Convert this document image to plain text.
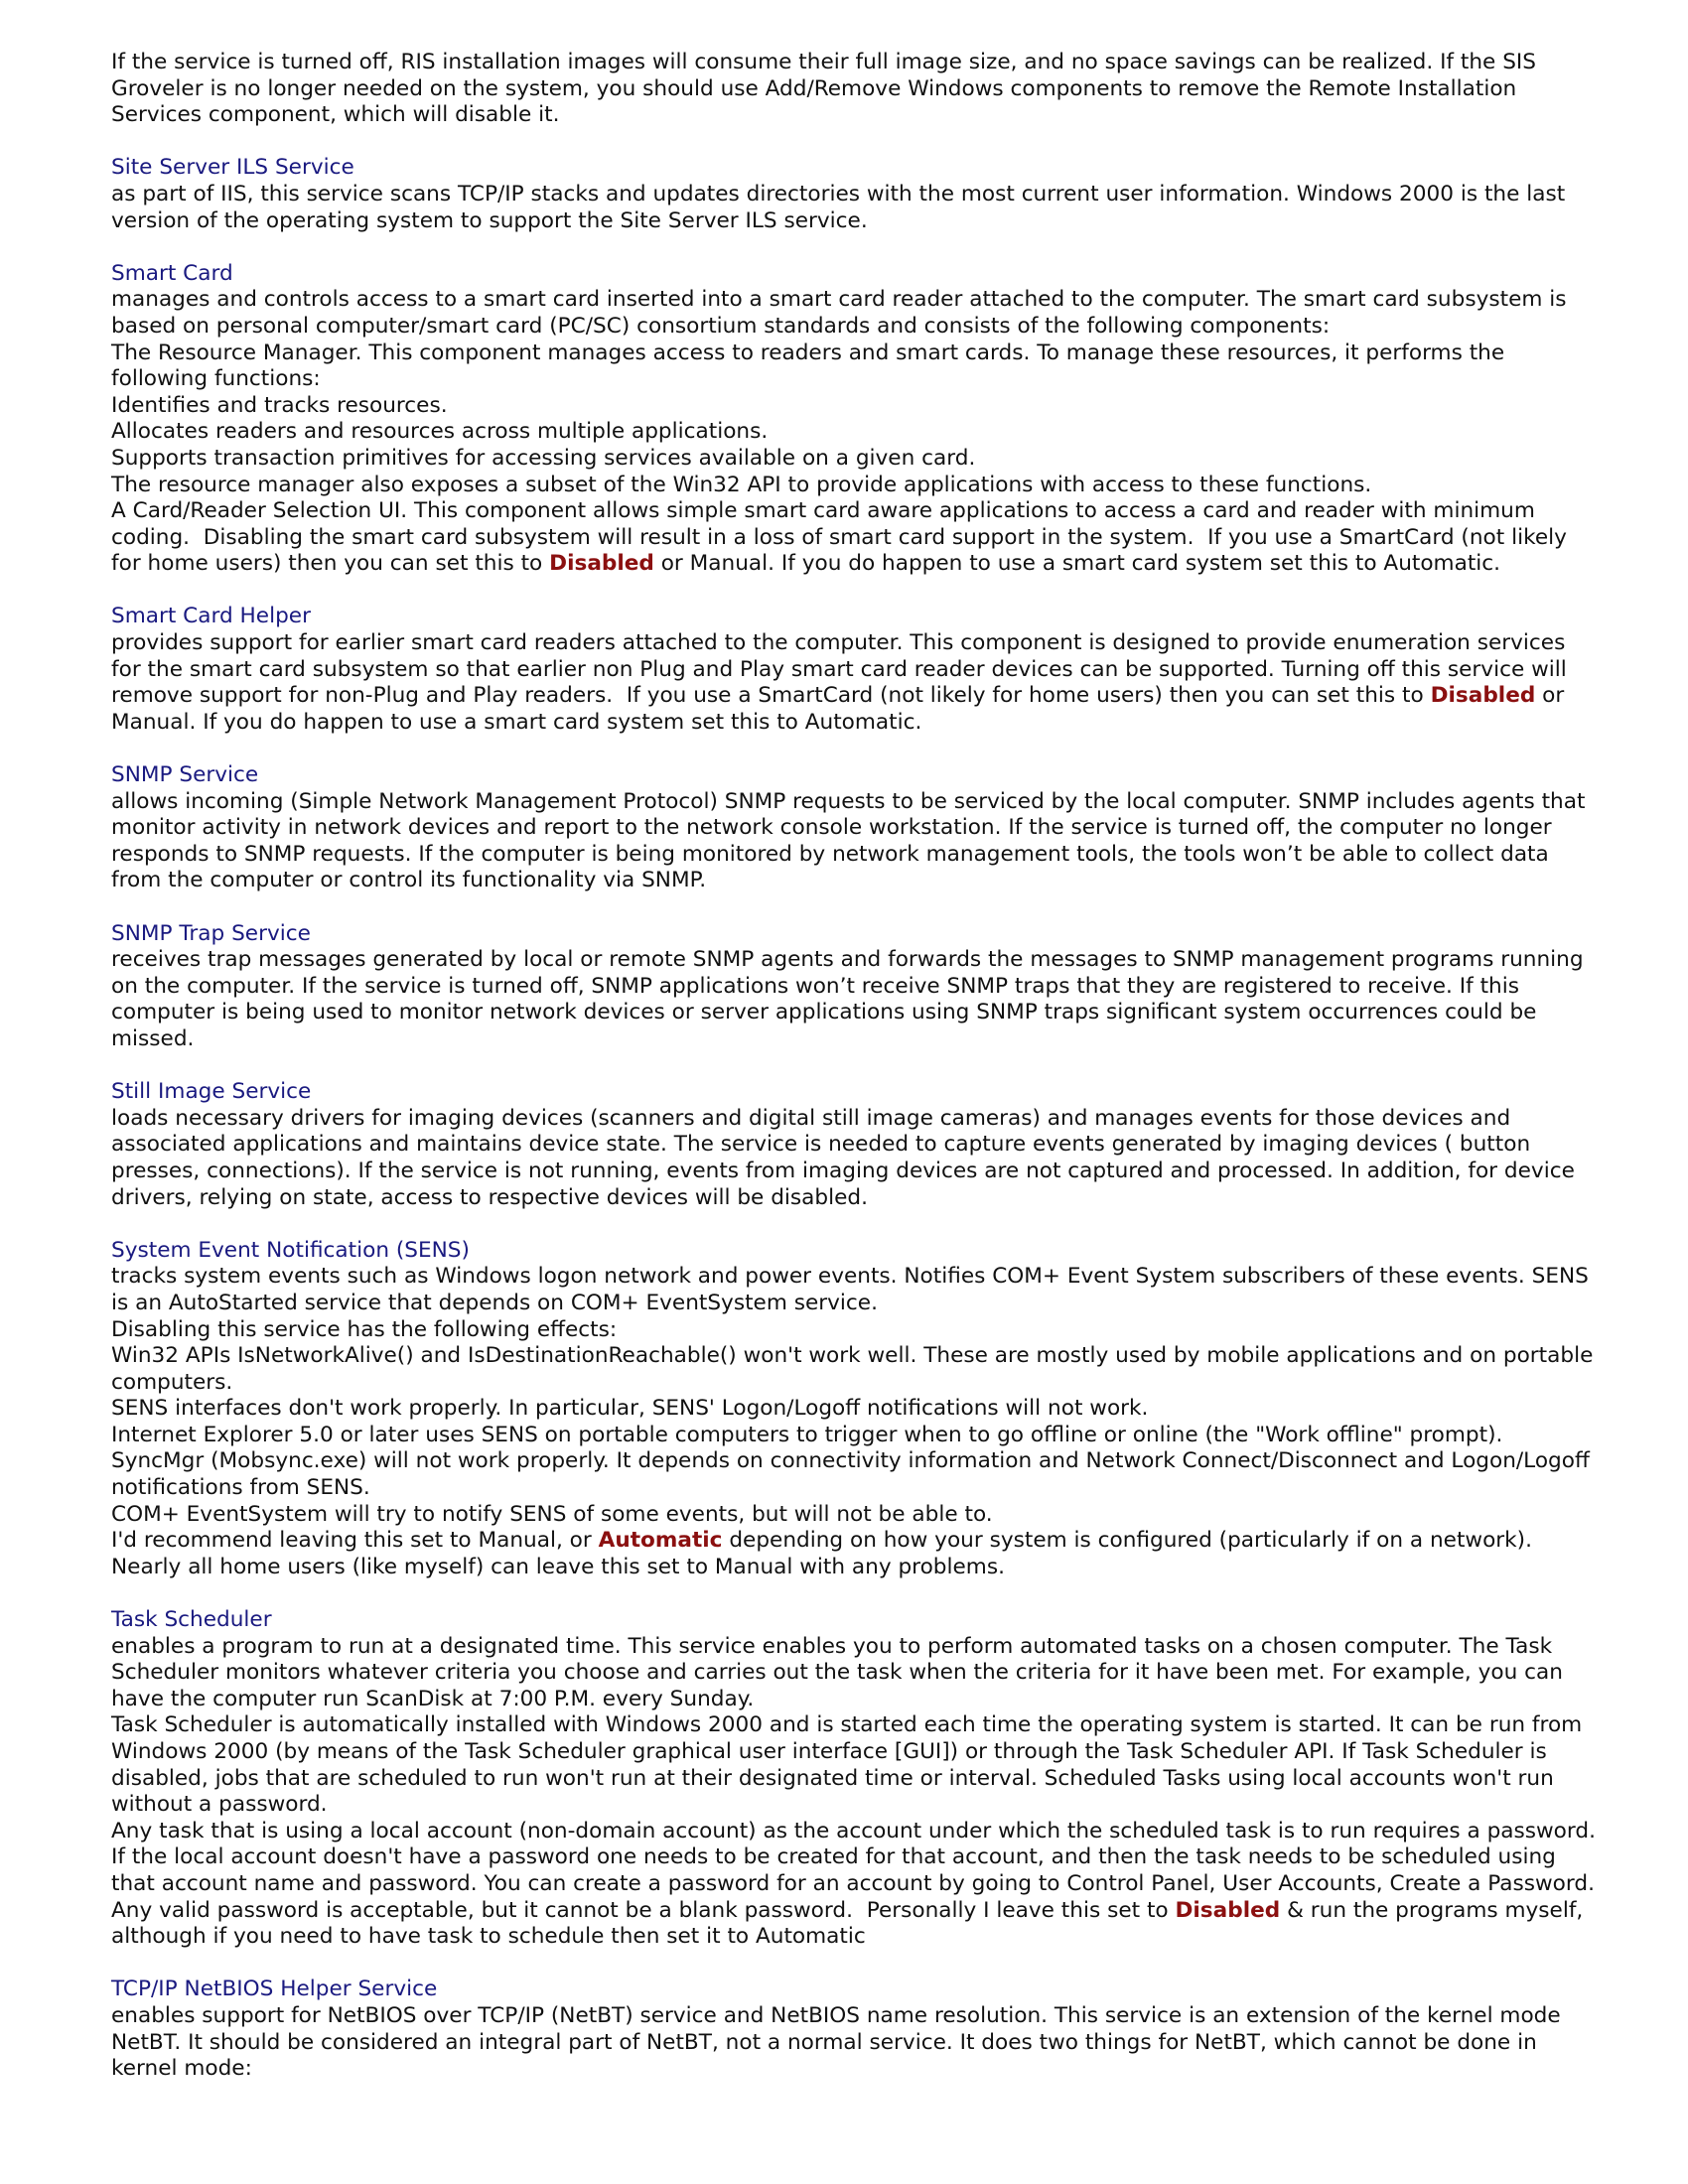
If the service is turned off, RIS installation images will consume their full image size, and no space savings can be realized. If the SIS Groveler is no longer needed on the system, you should use Add/Remove Windows components to remove the Remote Installation Services component, which will disable it.
Site Server ILS Service
as part of IIS, this service scans TCP/IP stacks and updates directories with the most current user information. Windows 2000 is the last version of the operating system to support the Site Server ILS service.
Smart Card
manages and controls access to a smart card inserted into a smart card reader attached to the computer. The smart card subsystem is based on personal computer/smart card (PC/SC) consortium standards and consists of the following components:
The Resource Manager. This component manages access to readers and smart cards. To manage these resources, it performs the following functions:
Identifies and tracks resources.
Allocates readers and resources across multiple applications.
Supports transaction primitives for accessing services available on a given card.
The resource manager also exposes a subset of the Win32 API to provide applications with access to these functions.
A Card/Reader Selection UI. This component allows simple smart card aware applications to access a card and reader with minimum coding.  Disabling the smart card subsystem will result in a loss of smart card support in the system.  If you use a SmartCard (not likely for home users) then you can set this to Disabled or Manual. If you do happen to use a smart card system set this to Automatic.
Smart Card Helper
provides support for earlier smart card readers attached to the computer. This component is designed to provide enumeration services for the smart card subsystem so that earlier non Plug and Play smart card reader devices can be supported. Turning off this service will remove support for non-Plug and Play readers.  If you use a SmartCard (not likely for home users) then you can set this to Disabled or Manual. If you do happen to use a smart card system set this to Automatic.
SNMP Service
allows incoming (Simple Network Management Protocol) SNMP requests to be serviced by the local computer. SNMP includes agents that monitor activity in network devices and report to the network console workstation. If the service is turned off, the computer no longer responds to SNMP requests. If the computer is being monitored by network management tools, the tools won’t be able to collect data from the computer or control its functionality via SNMP.
SNMP Trap Service
receives trap messages generated by local or remote SNMP agents and forwards the messages to SNMP management programs running on the computer. If the service is turned off, SNMP applications won’t receive SNMP traps that they are registered to receive. If this computer is being used to monitor network devices or server applications using SNMP traps significant system occurrences could be missed.
Still Image Service
loads necessary drivers for imaging devices (scanners and digital still image cameras) and manages events for those devices and associated applications and maintains device state. The service is needed to capture events generated by imaging devices ( button presses, connections). If the service is not running, events from imaging devices are not captured and processed. In addition, for device drivers, relying on state, access to respective devices will be disabled.
System Event Notification (SENS)
tracks system events such as Windows logon network and power events. Notifies COM+ Event System subscribers of these events. SENS is an AutoStarted service that depends on COM+ EventSystem service.
Disabling this service has the following effects:
Win32 APIs IsNetworkAlive() and IsDestinationReachable() won't work well. These are mostly used by mobile applications and on portable computers.
SENS interfaces don't work properly. In particular, SENS' Logon/Logoff notifications will not work.
Internet Explorer 5.0 or later uses SENS on portable computers to trigger when to go offline or online (the "Work offline" prompt).
SyncMgr (Mobsync.exe) will not work properly. It depends on connectivity information and Network Connect/Disconnect and Logon/Logoff notifications from SENS.
COM+ EventSystem will try to notify SENS of some events, but will not be able to.
I'd recommend leaving this set to Manual, or Automatic depending on how your system is configured (particularly if on a network). Nearly all home users (like myself) can leave this set to Manual with any problems.
Task Scheduler
enables a program to run at a designated time. This service enables you to perform automated tasks on a chosen computer. The Task Scheduler monitors whatever criteria you choose and carries out the task when the criteria for it have been met. For example, you can have the computer run ScanDisk at 7:00 P.M. every Sunday.
Task Scheduler is automatically installed with Windows 2000 and is started each time the operating system is started. It can be run from Windows 2000 (by means of the Task Scheduler graphical user interface [GUI]) or through the Task Scheduler API. If Task Scheduler is disabled, jobs that are scheduled to run won't run at their designated time or interval. Scheduled Tasks using local accounts won't run without a password.
Any task that is using a local account (non-domain account) as the account under which the scheduled task is to run requires a password. If the local account doesn't have a password one needs to be created for that account, and then the task needs to be scheduled using that account name and password. You can create a password for an account by going to Control Panel, User Accounts, Create a Password. Any valid password is acceptable, but it cannot be a blank password.  Personally I leave this set to Disabled & run the programs myself, although if you need to have task to schedule then set it to Automatic
TCP/IP NetBIOS Helper Service
enables support for NetBIOS over TCP/IP (NetBT) service and NetBIOS name resolution. This service is an extension of the kernel mode NetBT. It should be considered an integral part of NetBT, not a normal service. It does two things for NetBT, which cannot be done in kernel mode:
